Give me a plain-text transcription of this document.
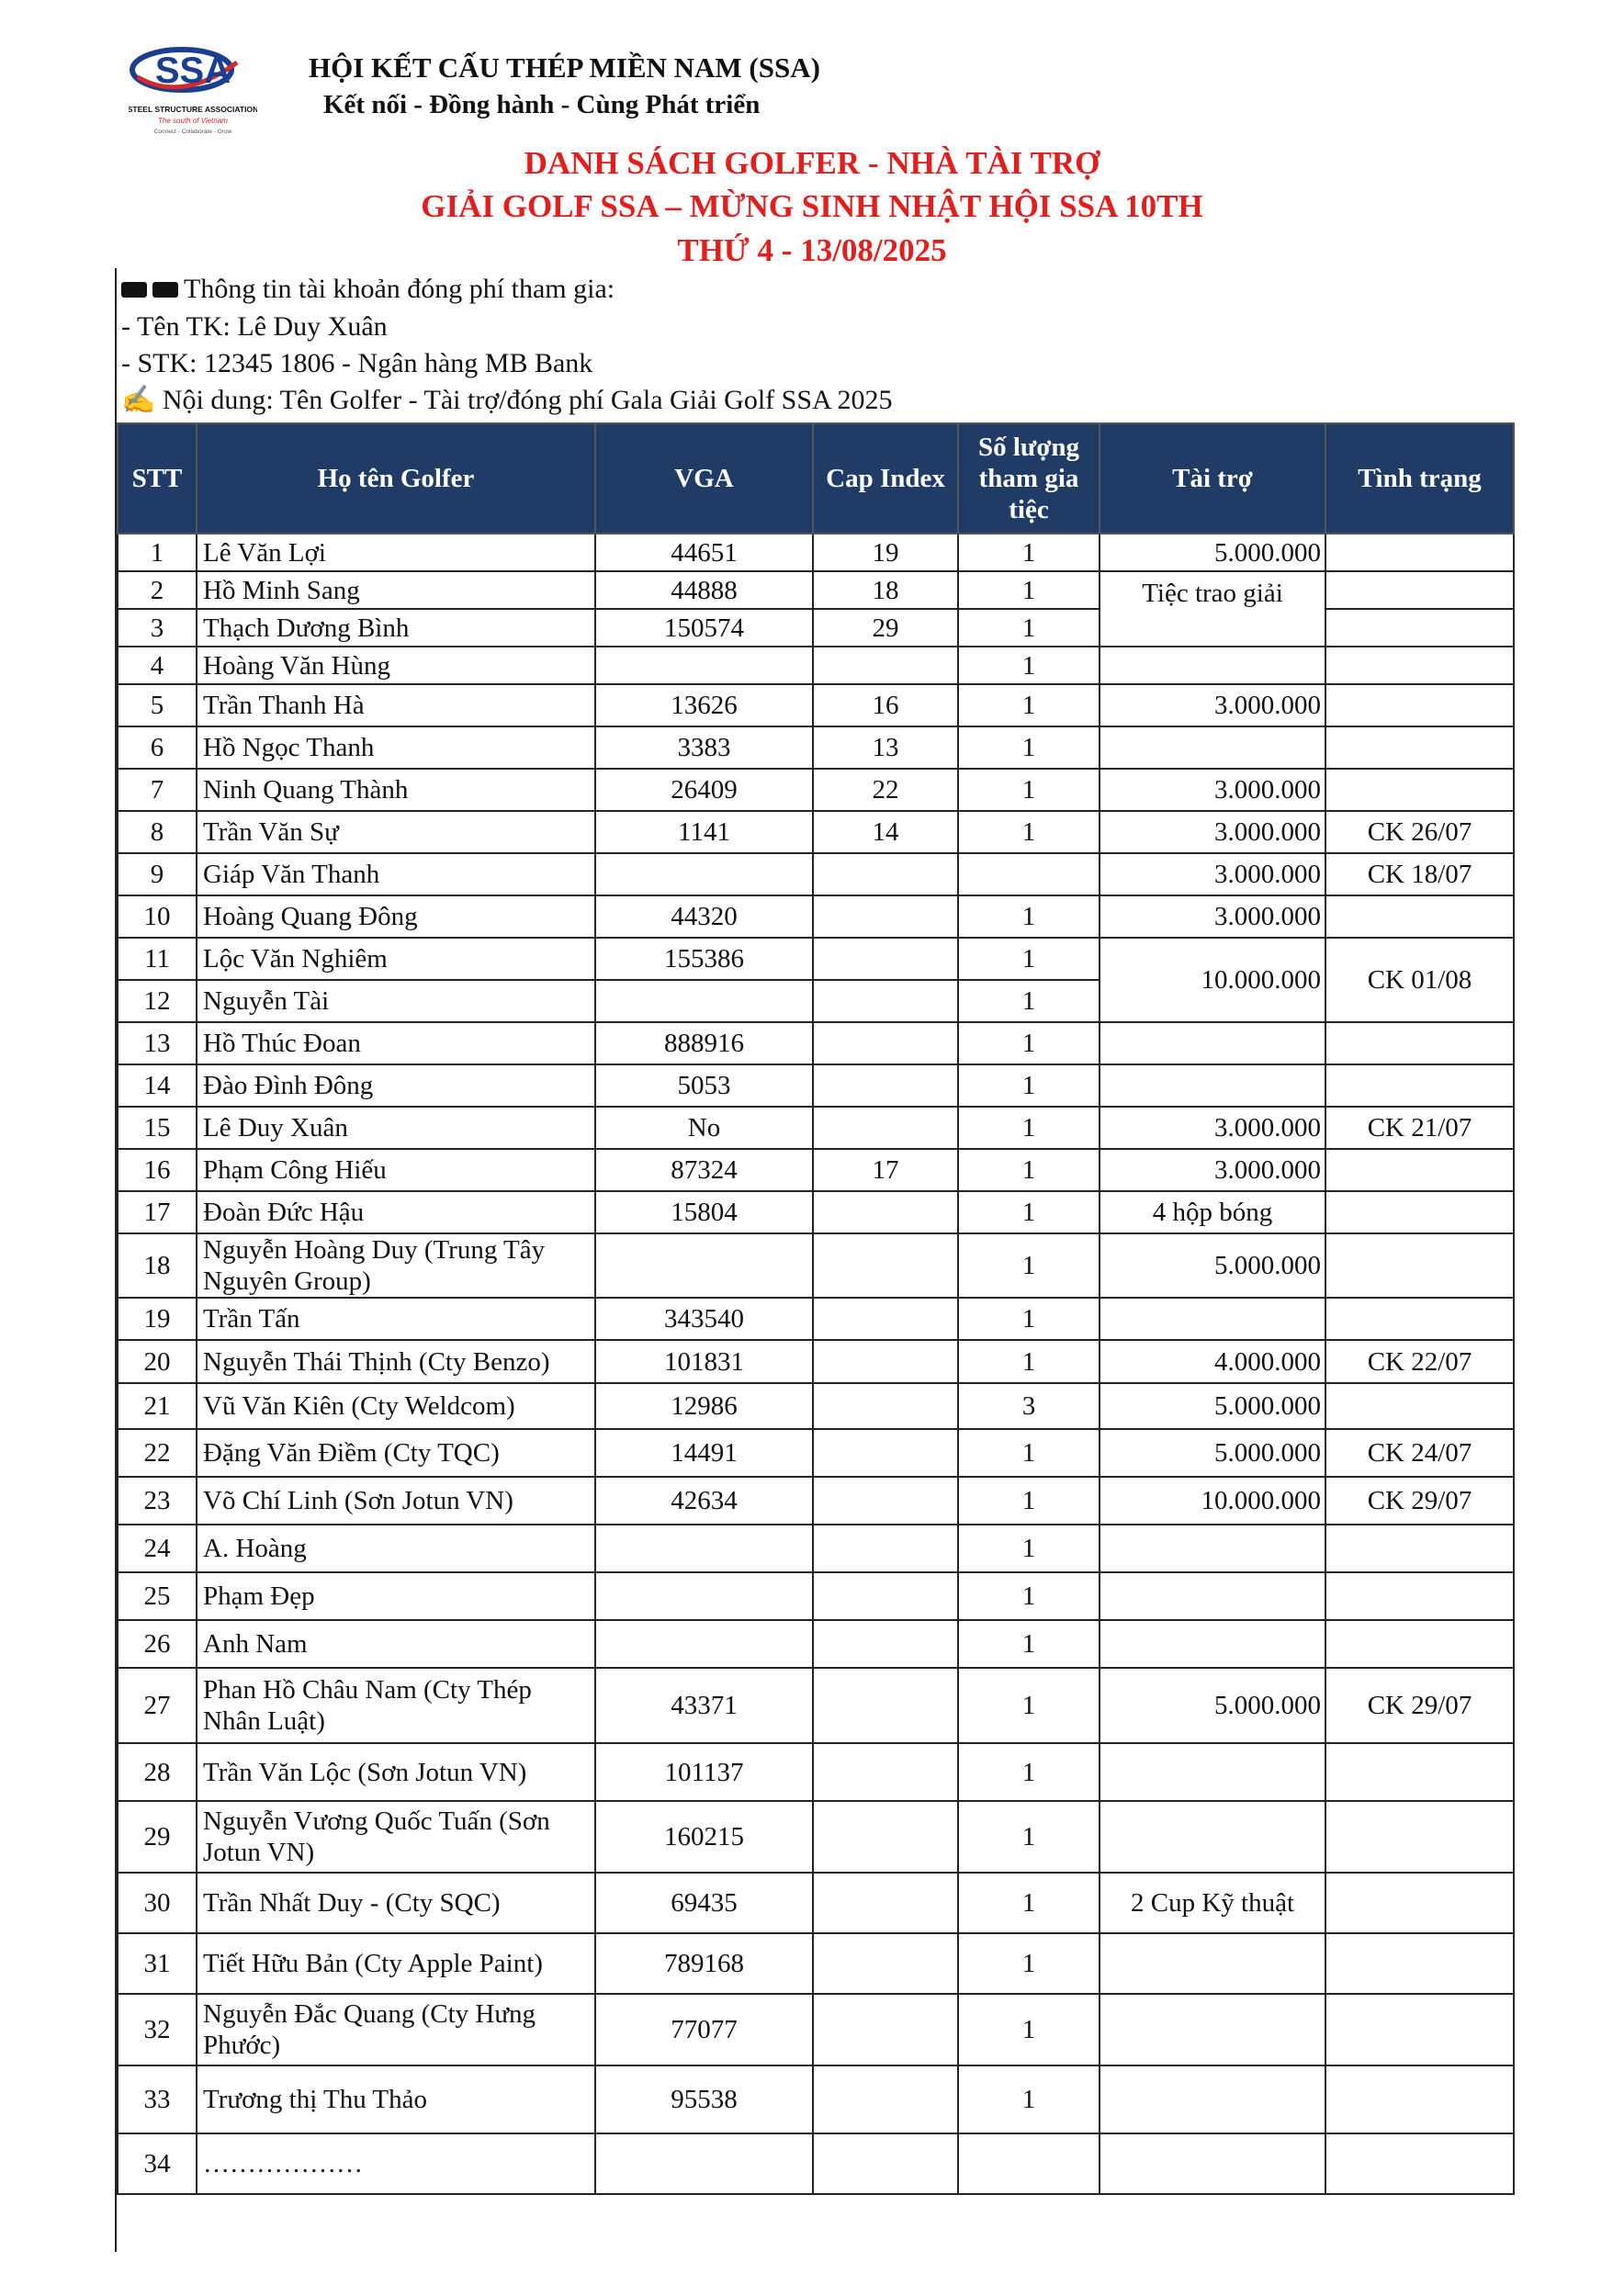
SSA
STEEL STRUCTURE ASSOCIATION
The south of Vietnam
Connect - Collaborate - Grow
HỘI KẾT CẤU THÉP MIỀN NAM (SSA)
Kết nối - Đồng hành - Cùng Phát triển
DANH SÁCH GOLFER - NHÀ TÀI TRỢ
GIẢI GOLF SSA – MỪNG SINH NHẬT HỘI SSA 10TH
THỨ 4 - 13/08/2025
Thông tin tài khoản đóng phí tham gia:
- Tên TK: Lê Duy Xuân
- STK: 12345 1806 - Ngân hàng MB Bank
✍ Nội dung: Tên Golfer - Tài trợ/đóng phí Gala Giải Golf SSA 2025
STT	Họ tên Golfer	VGA	Cap Index	Số lượng
tham gia
tiệc	Tài trợ	Tình trạng
1	Lê Văn Lợi	44651	19	1	5.000.000	
2	Hồ Minh Sang	44888	18	1	Tiệc trao giải	
3	Thạch Dương Bình	150574	29	1		
4	Hoàng Văn Hùng			1		
5	Trần Thanh Hà	13626	16	1	3.000.000	
6	Hồ Ngọc Thanh	3383	13	1		
7	Ninh Quang Thành	26409	22	1	3.000.000	
8	Trần Văn Sự	1141	14	1	3.000.000	CK 26/07
9	Giáp Văn Thanh				3.000.000	CK 18/07
10	Hoàng Quang Đông	44320		1	3.000.000	
11	Lộc Văn Nghiêm	155386		1	10.000.000	CK 01/08
12	Nguyễn Tài			1		
13	Hồ Thúc Đoan	888916		1		
14	Đào Đình Đông	5053		1		
15	Lê Duy Xuân	No		1	3.000.000	CK 21/07
16	Phạm Công Hiếu	87324	17	1	3.000.000	
17	Đoàn Đức Hậu	15804		1	4 hộp bóng	
18	Nguyễn Hoàng Duy (Trung Tây
Nguyên Group)			1	5.000.000	
19	Trần Tấn	343540		1		
20	Nguyễn Thái Thịnh (Cty Benzo)	101831		1	4.000.000	CK 22/07
21	Vũ Văn Kiên (Cty Weldcom)	12986		3	5.000.000	
22	Đặng Văn Điềm (Cty TQC)	14491		1	5.000.000	CK 24/07
23	Võ Chí Linh (Sơn Jotun VN)	42634		1	10.000.000	CK 29/07
24	A. Hoàng			1		
25	Phạm Đẹp			1		
26	Anh Nam			1		
27	Phan Hồ Châu Nam (Cty Thép
Nhân Luật)	43371		1	5.000.000	CK 29/07
28	Trần Văn Lộc (Sơn Jotun VN)	101137		1		
29	Nguyễn Vương Quốc Tuấn (Sơn
Jotun VN)	160215		1		
30	Trần Nhất Duy - (Cty SQC)	69435		1	2 Cup Kỹ thuật	
31	Tiết Hữu Bản (Cty Apple Paint)	789168		1		
32	Nguyễn Đắc Quang (Cty Hưng
Phước)	77077		1		
33	Trương thị Thu Thảo	95538		1		
34	………………					
